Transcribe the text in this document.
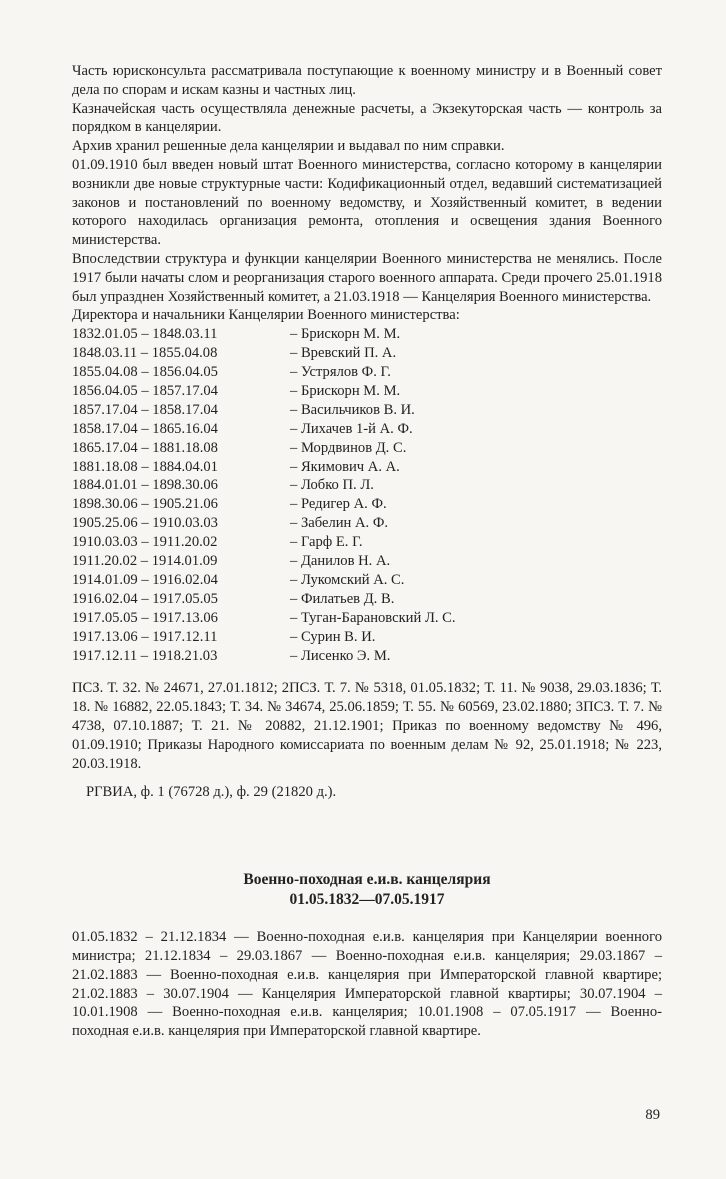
Часть юрисконсульта рассматривала поступающие к военному министру и в Военный совет дела по спорам и искам казны и частных лиц.

Казначейская часть осуществляла денежные расчеты, а Экзекуторская часть — контроль за порядком в канцелярии.

Архив хранил решенные дела канцелярии и выдавал по ним справки.

01.09.1910 был введен новый штат Военного министерства, согласно которому в канцелярии возникли две новые структурные части: Кодификационный отдел, ведавший систематизацией законов и постановлений по военному ведомству, и Хозяйственный комитет, в ведении которого находилась организация ремонта, отопления и освещения здания Военного министерства.

Впоследствии структура и функции канцелярии Военного министерства не менялись. После 1917 были начаты слом и реорганизация старого военного аппарата. Среди прочего 25.01.1918 был упразднен Хозяйственный комитет, а 21.03.1918 — Канцелярия Военного министерства.

Директора и начальники Канцелярии Военного министерства:

1832.01.05 – 1848.03.11	– Брискорн М. М.
1848.03.11 – 1855.04.08	– Вревский П. А.
1855.04.08 – 1856.04.05	– Устрялов Ф. Г.
1856.04.05 – 1857.17.04	– Брискорн М. М.
1857.17.04 – 1858.17.04	– Васильчиков В. И.
1858.17.04 – 1865.16.04	– Лихачев 1-й А. Ф.
1865.17.04 – 1881.18.08	– Мордвинов Д. С.
1881.18.08 – 1884.04.01	– Якимович А. А.
1884.01.01 – 1898.30.06	– Лобко П. Л.
1898.30.06 – 1905.21.06	– Редигер А. Ф.
1905.25.06 – 1910.03.03	– Забелин А. Ф.
1910.03.03 – 1911.20.02	– Гарф Е. Г.
1911.20.02 – 1914.01.09	– Данилов Н. А.
1914.01.09 – 1916.02.04	– Лукомский А. С.
1916.02.04 – 1917.05.05	– Филатьев Д. В.
1917.05.05 – 1917.13.06	– Туган-Барановский Л. С.
1917.13.06 – 1917.12.11	– Сурин В. И.
1917.12.11 – 1918.21.03	– Лисенко Э. М.

ПСЗ. Т. 32. № 24671, 27.01.1812; 2ПСЗ. Т. 7. № 5318, 01.05.1832; Т. 11. № 9038, 29.03.1836; Т. 18. № 16882, 22.05.1843; Т. 34. № 34674, 25.06.1859; Т. 55. № 60569, 23.02.1880; 3ПСЗ. Т. 7. № 4738, 07.10.1887; Т. 21. № 20882, 21.12.1901; Приказ по военному ведомству № 496, 01.09.1910; Приказы Народного комиссариата по военным делам № 92, 25.01.1918; № 223, 20.03.1918.

РГВИА, ф. 1 (76728 д.), ф. 29 (21820 д.).

Военно-походная е.и.в. канцелярия
01.05.1832—07.05.1917

01.05.1832 – 21.12.1834 — Военно-походная е.и.в. канцелярия при Канцелярии военного министра; 21.12.1834 – 29.03.1867 — Военно-походная е.и.в. канцелярия; 29.03.1867 – 21.02.1883 — Военно-походная е.и.в. канцелярия при Императорской главной квартире; 21.02.1883 – 30.07.1904 — Канцелярия Императорской главной квартиры; 30.07.1904 – 10.01.1908 — Военно-походная е.и.в. канцелярия; 10.01.1908 – 07.05.1917 — Военно-походная е.и.в. канцелярия при Императорской главной квартире.

89
